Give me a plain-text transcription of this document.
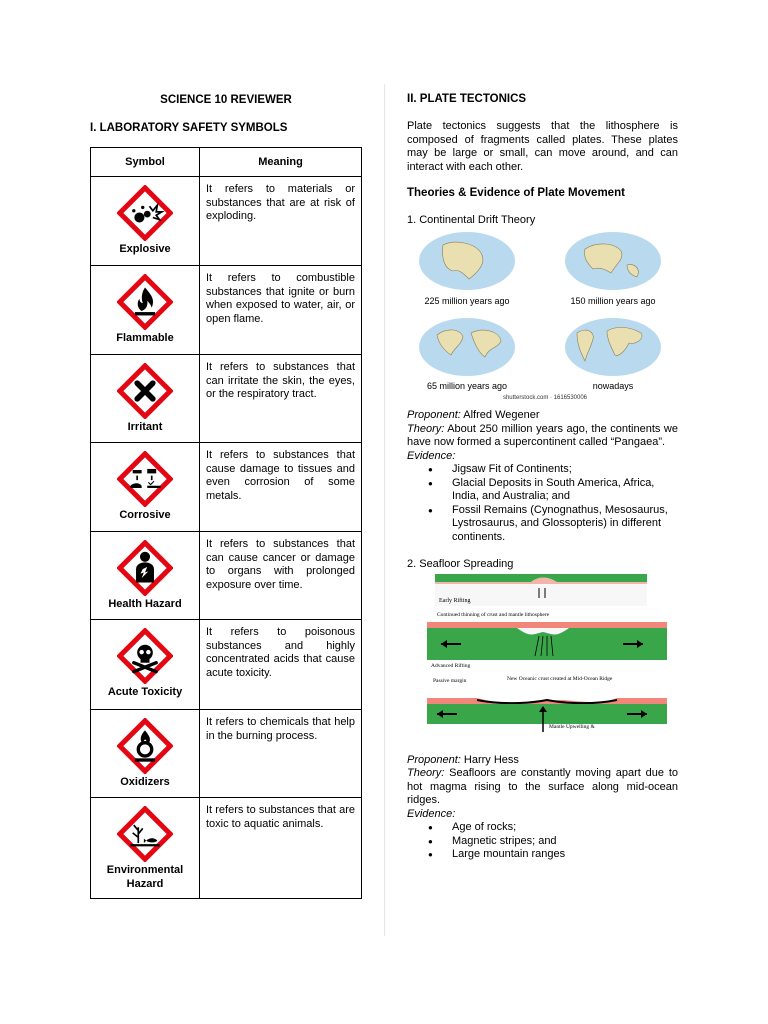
SCIENCE 10 REVIEWER
I. LABORATORY SAFETY SYMBOLS
Symbol	Meaning

Explosive	It refers to materials or substances that are at risk of exploding.

Flammable	It refers to combustible substances that ignite or burn when exposed to water, air, or open flame.

Irritant	It refers to substances that can irritate the skin, the eyes, or the respiratory tract.

Corrosive	It refers to substances that cause damage to tissues and even corrosion of some metals.

Health Hazard	It refers to substances that can cause cancer or damage to organs with prolonged exposure over time.

Acute Toxicity	It refers to poisonous substances and highly concentrated acids that cause acute toxicity.

Oxidizers	It refers to chemicals that help in the burning process.

Environmental Hazard	It refers to substances that are toxic to aquatic animals.
II. PLATE TECTONICS
Plate tectonics suggests that the lithosphere is composed of fragments called plates. These plates may be large or small, can move around, and can interact with each other.
Theories & Evidence of Plate Movement
1. Continental Drift Theory
225 million years ago	150 million years ago
65 million years ago	nowadays
shutterstock.com · 1616530006
Proponent: Alfred Wegener
Theory: About 250 million years ago, the continents we have now formed a supercontinent called “Pangaea”.
Evidence:
● Jigsaw Fit of Continents;
● Glacial Deposits in South America, Africa, India, and Australia; and
● Fossil Remains (Cynognathus, Mesosaurus, Lystrosaurus, and Glossopteris) in different continents.
2. Seafloor Spreading
Early Rifting
Continued thinning of crust and mantle lithosphere
Advanced Rifting
Passive margin	New Oceanic crust created at Mid-Ocean Ridge
Mantle Upwelling &
Proponent: Harry Hess
Theory: Seafloors are constantly moving apart due to hot magma rising to the surface along mid-ocean ridges.
Evidence:
● Age of rocks;
● Magnetic stripes; and
● Large mountain ranges
